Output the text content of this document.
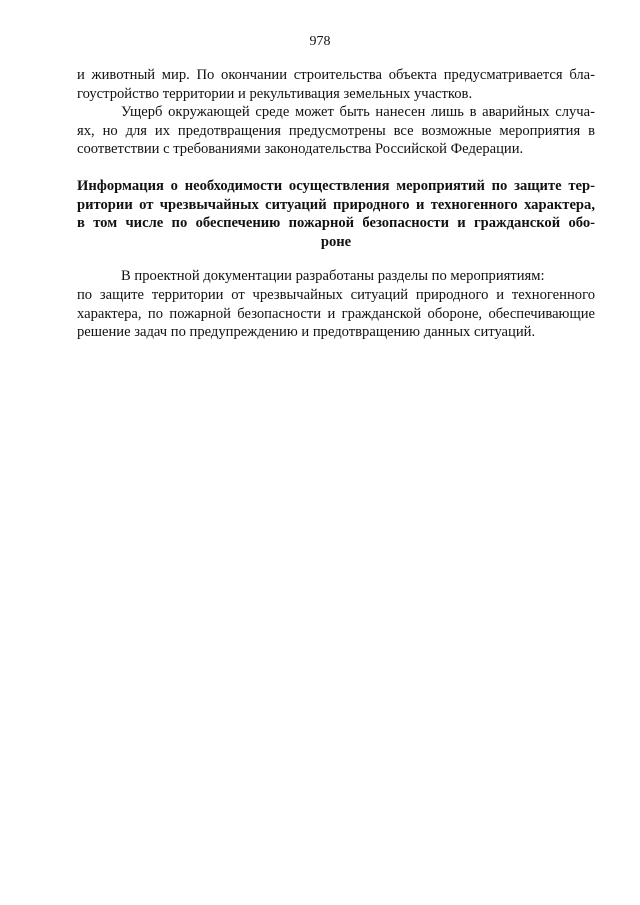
978
и животный мир. По окончании строительства объекта предусматривается бла-
гоустройство территории и рекультивация земельных участков.
Ущерб окружающей среде может быть нанесен лишь в аварийных случа-
ях, но для их предотвращения предусмотрены все возможные мероприятия в
соответствии с требованиями законодательства Российской Федерации.
Информация о необходимости осуществления мероприятий по защите тер-
ритории от чрезвычайных ситуаций природного и техногенного характера,
в том числе по обеспечению пожарной безопасности и гражданской обо-
роне
В проектной документации разработаны разделы по мероприятиям:
по защите территории от чрезвычайных ситуаций природного и техногенного
характера, по пожарной безопасности и гражданской обороне, обеспечивающие
решение задач по предупреждению и предотвращению данных ситуаций.
